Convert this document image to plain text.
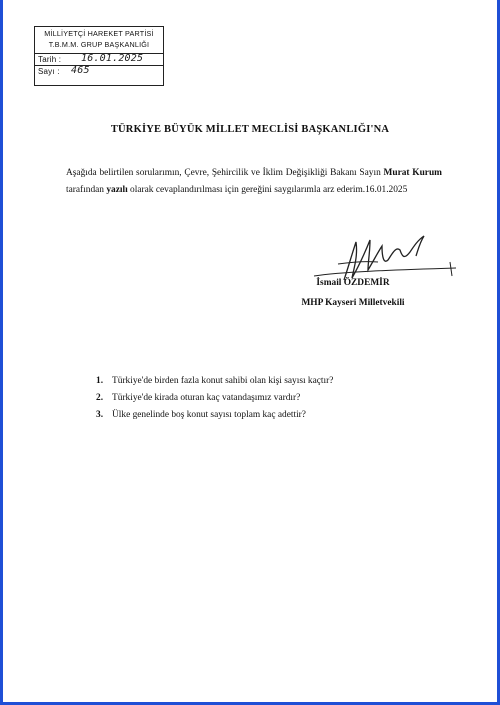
MİLLİYETÇİ HAREKET PARTİSİ
T.B.M.M. GRUP BAŞKANLIĞI
Tarih : 16.01.2025
Sayı : 465
TÜRKİYE BÜYÜK MİLLET MECLİSİ BAŞKANLIĞI'NA
Aşağıda belirtilen sorularımın, Çevre, Şehircilik ve İklim Değişikliği Bakanı Sayın Murat Kurum tarafından yazılı olarak cevaplandırılması için gereğini saygılarımla arz ederim.16.01.2025
İsmail ÖZDEMİR
MHP Kayseri Milletvekili
1. Türkiye'de birden fazla konut sahibi olan kişi sayısı kaçtır?
2. Türkiye'de kirada oturan kaç vatandaşımız vardır?
3. Ülke genelinde boş konut sayısı toplam kaç adettir?
